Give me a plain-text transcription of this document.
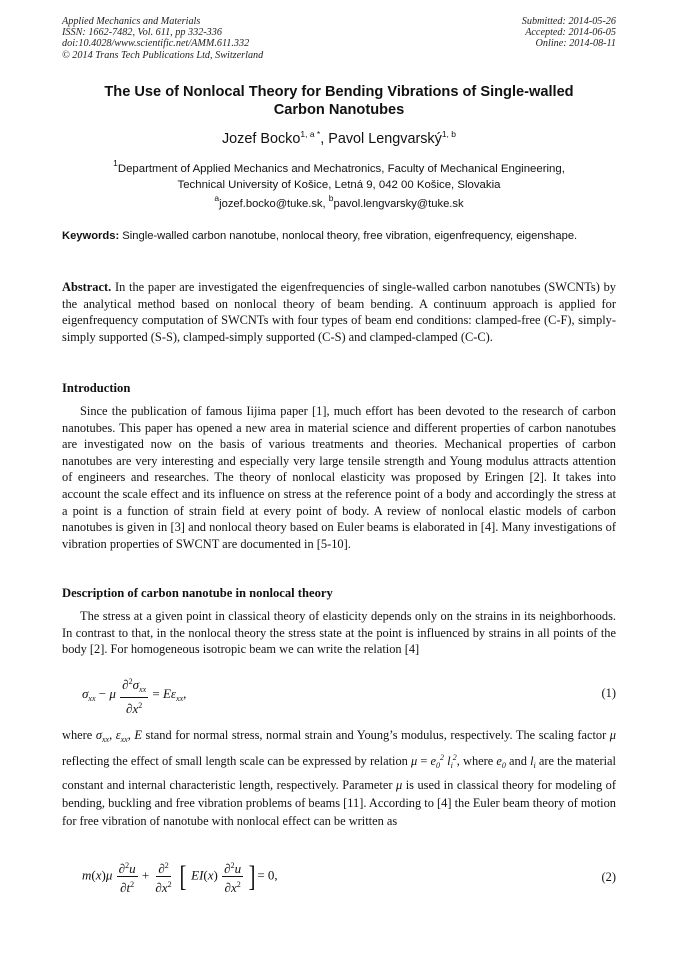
Applied Mechanics and Materials
ISSN: 1662-7482, Vol. 611, pp 332-336
doi:10.4028/www.scientific.net/AMM.611.332
© 2014 Trans Tech Publications Ltd, Switzerland
Submitted: 2014-05-26
Accepted: 2014-06-05
Online: 2014-08-11
The Use of Nonlocal Theory for Bending Vibrations of Single-walled
Carbon Nanotubes
Jozef Bocko$^{1, a *}$, Pavol Lengvarský$^{1, b}$
$^1$Department of Applied Mechanics and Mechatronics, Faculty of Mechanical Engineering,
Technical University of Košice, Letná 9, 042 00 Košice, Slovakia
$^a$jozef.bocko@tuke.sk, $^b$pavol.lengvarsky@tuke.sk
Keywords: Single-walled carbon nanotube, nonlocal theory, free vibration, eigenfrequency, eigenshape.
Abstract. In the paper are investigated the eigenfrequencies of single-walled carbon nanotubes (SWCNTs) by the analytical method based on nonlocal theory of beam bending. A continuum approach is applied for eigenfrequency computation of SWCNTs with four types of beam end conditions: clamped-free (C-F), simply-simply supported (S-S), clamped-simply supported (C-S) and clamped-clamped (C-C).
Introduction
Since the publication of famous Iijima paper [1], much effort has been devoted to the research of carbon nanotubes. This paper has opened a new area in material science and different properties of carbon nanotubes are investigated now on the basis of various treatments and theories. Mechanical properties of carbon nanotubes are very interesting and especially very large tensile strength and Young modulus attracts attention of engineers and researches. The theory of nonlocal elasticity was proposed by Eringen [2]. It takes into account the scale effect and its influence on stress at the reference point of a body and accordingly the stress at a point is a function of strain field at every point of body. A review of nonlocal elastic models of carbon nanotubes is given in [3] and nonlocal theory based on Euler beams is elaborated in [4]. Many investigations of vibration properties of SWCNT are documented in [5-10].
Description of carbon nanotube in nonlocal theory
The stress at a given point in classical theory of elasticity depends only on the strains in its neighborhoods. In contrast to that, in the nonlocal theory the stress state at the point is influenced by strains in all points of the body [2]. For homogeneous isotropic beam we can write the relation [4]
$\sigma_{xx} - \mu \frac{\partial^2\sigma_{xx}}{\partial x^2} = E\varepsilon_{xx}$,	(1)
where $\sigma_{xx}$, $\varepsilon_{xx}$, E stand for normal stress, normal strain and Young’s modulus, respectively. The scaling factor μ reflecting the effect of small length scale can be expressed by relation $\mu = e_0^2$ $l_i^2$, where $e_0$ and $l_i$ are the material constant and internal characteristic length, respectively. Parameter μ is used in classical theory for modeling of bending, buckling and free vibration problems of beams [11]. According to [4] the Euler beam theory of motion for free vibration of nanotube with nonlocal effect can be written as
$m(x)\mu \frac{\partial^2u}{\partial t^2} + \frac{\partial^2}{\partial x^2}$ [ $EI(x) \frac{\partial^2u}{\partial x^2}$ ] = 0,	(2)
